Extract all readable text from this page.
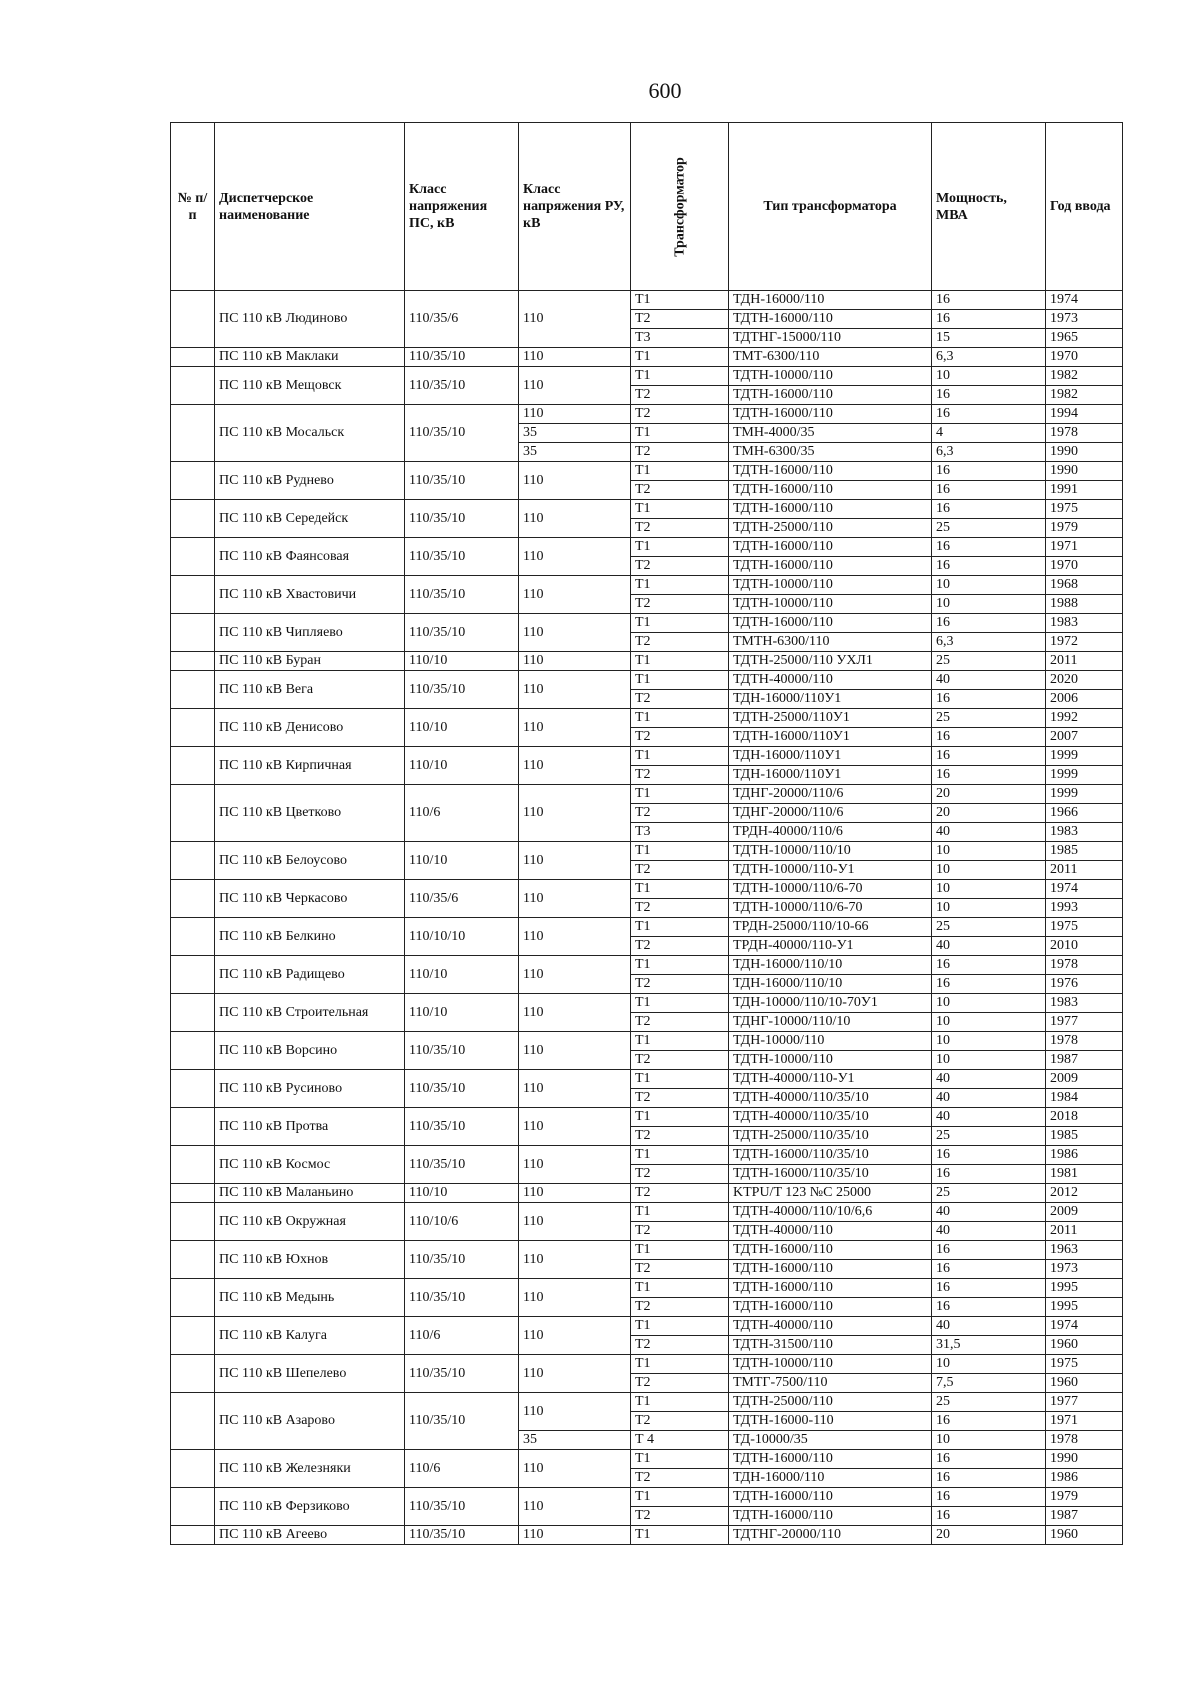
600
№ п/п	Диспетчерское наименование	Класс напряжения ПС, кВ	Класс напряжения РУ, кВ	Трансформатор	Тип трансформатора	Мощность, МВА	Год ввода
	ПС 110 кВ Людиново	110/35/6	110	Т1	ТДН-16000/110	16	1974
				Т2	ТДТН-16000/110	16	1973
				Т3	ТДТНГ-15000/110	15	1965
	ПС 110 кВ Маклаки	110/35/10	110	Т1	ТМТ-6300/110	6,3	1970
	ПС 110 кВ Мещовск	110/35/10	110	Т1	ТДТН-10000/110	10	1982
				Т2	ТДТН-16000/110	16	1982
	ПС 110 кВ Мосальск	110/35/10	110	Т2	ТДТН-16000/110	16	1994
			35	Т1	ТМН-4000/35	4	1978
			35	Т2	ТМН-6300/35	6,3	1990
	ПС 110 кВ Руднево	110/35/10	110	Т1	ТДТН-16000/110	16	1990
				Т2	ТДТН-16000/110	16	1991
	ПС 110 кВ Середейск	110/35/10	110	Т1	ТДТН-16000/110	16	1975
				Т2	ТДТН-25000/110	25	1979
	ПС 110 кВ Фаянсовая	110/35/10	110	Т1	ТДТН-16000/110	16	1971
				Т2	ТДТН-16000/110	16	1970
	ПС 110 кВ Хвастовичи	110/35/10	110	Т1	ТДТН-10000/110	10	1968
				Т2	ТДТН-10000/110	10	1988
	ПС 110 кВ Чипляево	110/35/10	110	Т1	ТДТН-16000/110	16	1983
				Т2	ТМТН-6300/110	6,3	1972
	ПС 110 кВ Буран	110/10	110	Т1	ТДТН-25000/110 УХЛ1	25	2011
	ПС 110 кВ Вега	110/35/10	110	Т1	ТДТН-40000/110	40	2020
				Т2	ТДН-16000/110У1	16	2006
	ПС 110 кВ Денисово	110/10	110	Т1	ТДТН-25000/110У1	25	1992
				Т2	ТДТН-16000/110У1	16	2007
	ПС 110 кВ Кирпичная	110/10	110	Т1	ТДН-16000/110У1	16	1999
				Т2	ТДН-16000/110У1	16	1999
	ПС 110 кВ Цветково	110/6	110	Т1	ТДНГ-20000/110/6	20	1999
				Т2	ТДНГ-20000/110/6	20	1966
				Т3	ТРДН-40000/110/6	40	1983
	ПС 110 кВ Белоусово	110/10	110	Т1	ТДТН-10000/110/10	10	1985
				Т2	ТДТН-10000/110-У1	10	2011
	ПС 110 кВ Черкасово	110/35/6	110	Т1	ТДТН-10000/110/6-70	10	1974
				Т2	ТДТН-10000/110/6-70	10	1993
	ПС 110 кВ Белкино	110/10/10	110	Т1	ТРДН-25000/110/10-66	25	1975
				Т2	ТРДН-40000/110-У1	40	2010
	ПС 110 кВ Радищево	110/10	110	Т1	ТДН-16000/110/10	16	1978
				Т2	ТДН-16000/110/10	16	1976
	ПС 110 кВ Строительная	110/10	110	Т1	ТДН-10000/110/10-70У1	10	1983
				Т2	ТДНГ-10000/110/10	10	1977
	ПС 110 кВ Ворсино	110/35/10	110	Т1	ТДН-10000/110	10	1978
				Т2	ТДТН-10000/110	10	1987
	ПС 110 кВ Русиново	110/35/10	110	Т1	ТДТН-40000/110-У1	40	2009
				Т2	ТДТН-40000/110/35/10	40	1984
	ПС 110 кВ Протва	110/35/10	110	Т1	ТДТН-40000/110/35/10	40	2018
				Т2	ТДТН-25000/110/35/10	25	1985
	ПС 110 кВ Космос	110/35/10	110	Т1	ТДТН-16000/110/35/10	16	1986
				Т2	ТДТН-16000/110/35/10	16	1981
	ПС 110 кВ Маланьино	110/10	110	Т2	KTPU/T 123 №С 25000	25	2012
	ПС 110 кВ Окружная	110/10/6	110	Т1	ТДТН-40000/110/10/6,6	40	2009
				Т2	ТДТН-40000/110	40	2011
	ПС 110 кВ Юхнов	110/35/10	110	Т1	ТДТН-16000/110	16	1963
				Т2	ТДТН-16000/110	16	1973
	ПС 110 кВ Медынь	110/35/10	110	Т1	ТДТН-16000/110	16	1995
				Т2	ТДТН-16000/110	16	1995
	ПС 110 кВ Калуга	110/6	110	Т1	ТДТН-40000/110	40	1974
				Т2	ТДТН-31500/110	31,5	1960
	ПС 110 кВ Шепелево	110/35/10	110	Т1	ТДТН-10000/110	10	1975
				Т2	ТМТГ-7500/110	7,5	1960
	ПС 110 кВ Азарово	110/35/10	110	Т1	ТДТН-25000/110	25	1977
				Т2	ТДТН-16000-110	16	1971
			35	Т 4	ТД-10000/35	10	1978
	ПС 110 кВ Железняки	110/6	110	Т1	ТДТН-16000/110	16	1990
				Т2	ТДН-16000/110	16	1986
	ПС 110 кВ Ферзиково	110/35/10	110	Т1	ТДТН-16000/110	16	1979
				Т2	ТДТН-16000/110	16	1987
	ПС 110 кВ Агеево	110/35/10	110	Т1	ТДТНГ-20000/110	20	1960
